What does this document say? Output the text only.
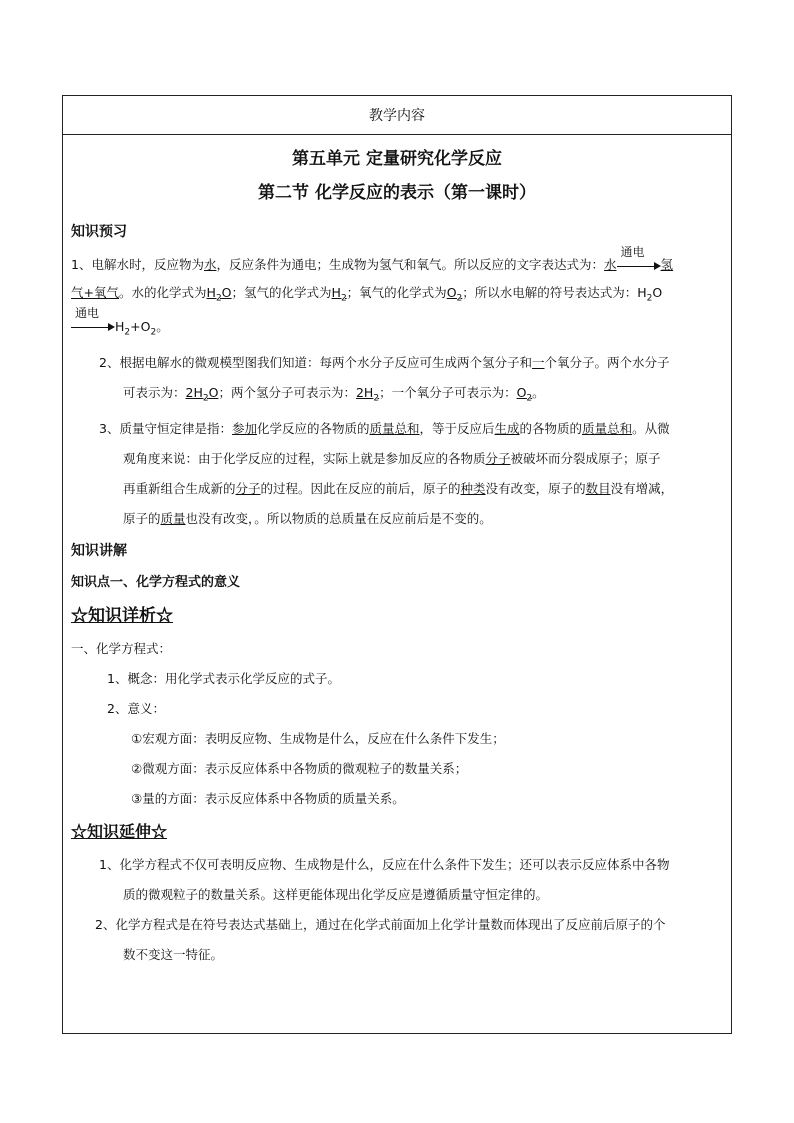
教学内容
第五单元 定量研究化学反应
第二节 化学反应的表示（第一课时）
知识预习
1、电解水时，反应物为水，反应条件为通电；生成物为氢气和氧气。所以反应的文字表达式为：水
通电
氢
气+氧气。水的化学式为$H_2O$；氢气的化学式为$H_2$；氧气的化学式为$O_2$；所以水电解的符号表达式为：$H_2O$

通电
$H_2+O_2$。
2、根据电解水的微观模型图我们知道：每两个水分子反应可生成两个氢分子和一个氧分子。两个水分子
可表示为：$2H_2O$；两个氢分子可表示为：$2H_2$；一个氧分子可表示为：$O_2$。
3、质量守恒定律是指：参加化学反应的各物质的质量总和，等于反应后生成的各物质的质量总和。从微
观角度来说：由于化学反应的过程，实际上就是参加反应的各物质分子被破坏而分裂成原子；原子
再重新组合生成新的分子的过程。因此在反应的前后，原子的种类没有改变，原子的数目没有增减，
原子的质量也没有改变，。所以物质的总质量在反应前后是不变的。
知识讲解
知识点一、化学方程式的意义
☆知识详析☆
一、化学方程式：
1、概念：用化学式表示化学反应的式子。
2、意义：
①宏观方面：表明反应物、生成物是什么，反应在什么条件下发生；
②微观方面：表示反应体系中各物质的微观粒子的数量关系；
③量的方面：表示反应体系中各物质的质量关系。
☆知识延伸☆
1、化学方程式不仅可表明反应物、生成物是什么，反应在什么条件下发生；还可以表示反应体系中各物
质的微观粒子的数量关系。这样更能体现出化学反应是遵循质量守恒定律的。
2、化学方程式是在符号表达式基础上，通过在化学式前面加上化学计量数而体现出了反应前后原子的个
数不变这一特征。
